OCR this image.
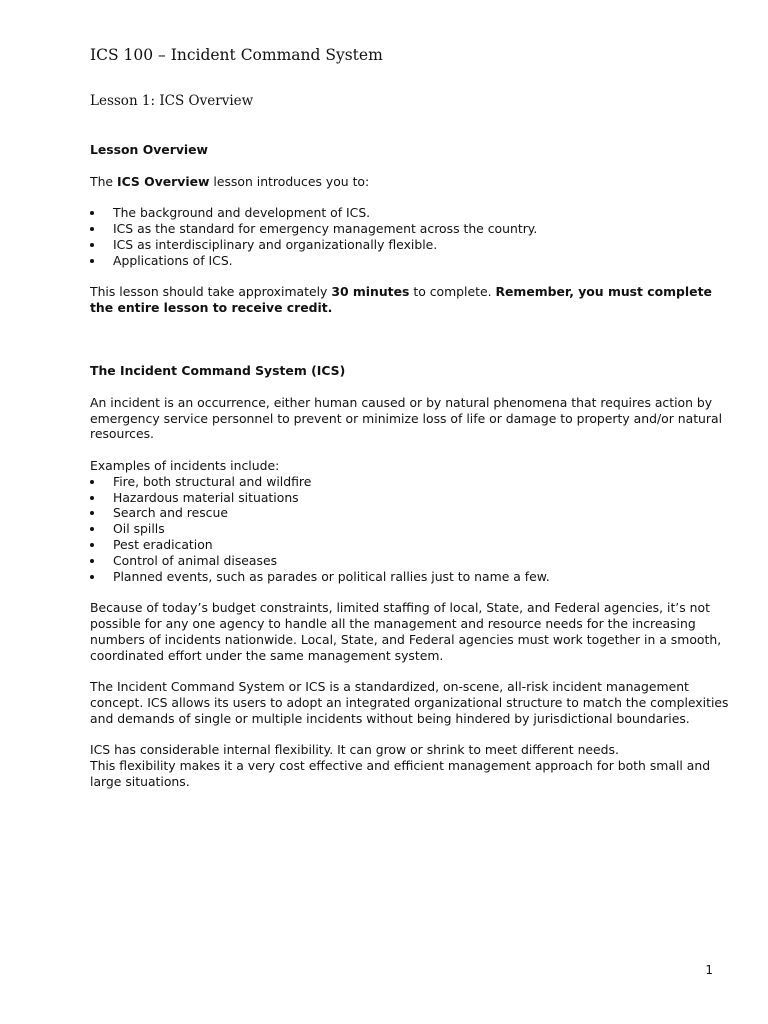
ICS 100 – Incident Command System
Lesson 1: ICS Overview
Lesson Overview

The ICS Overview lesson introduces you to:

The background and development of ICS.
ICS as the standard for emergency management across the country.
ICS as interdisciplinary and organizationally flexible.
Applications of ICS.

This lesson should take approximately 30 minutes to complete. Remember, you must complete the entire lesson to receive credit.

The Incident Command System (ICS)

An incident is an occurrence, either human caused or by natural phenomena that requires action by emergency service personnel to prevent or minimize loss of life or damage to property and/or natural resources.

Examples of incidents include:

Fire, both structural and wildfire
Hazardous material situations
Search and rescue
Oil spills
Pest eradication
Control of animal diseases
Planned events, such as parades or political rallies just to name a few.

Because of today’s budget constraints, limited staffing of local, State, and Federal agencies, it’s not possible for any one agency to handle all the management and resource needs for the increasing numbers of incidents nationwide. Local, State, and Federal agencies must work together in a smooth, coordinated effort under the same management system.

The Incident Command System or ICS is a standardized, on-scene, all-risk incident management concept. ICS allows its users to adopt an integrated organizational structure to match the complexities and demands of single or multiple incidents without being hindered by jurisdictional boundaries.

ICS has considerable internal flexibility. It can grow or shrink to meet different needs.

This flexibility makes it a very cost effective and efficient management approach for both small and large situations.

1
